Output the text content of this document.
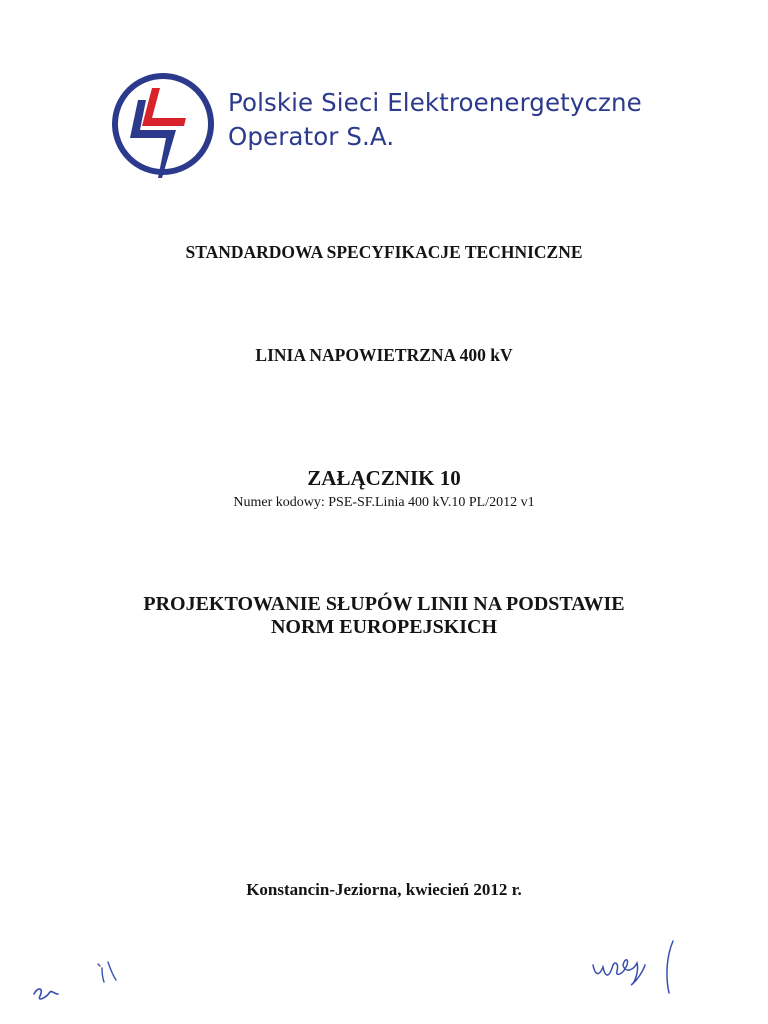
Polskie Sieci Elektroenergetyczne
Operator S.A.
STANDARDOWA SPECYFIKACJE TECHNICZNE
LINIA NAPOWIETRZNA 400 kV
ZAŁĄCZNIK 10
Numer kodowy: PSE-SF.Linia 400 kV.10 PL/2012 v1
PROJEKTOWANIE SŁUPÓW LINII NA PODSTAWIE
NORM EUROPEJSKICH
Konstancin-Jeziorna, kwiecień 2012 r.
